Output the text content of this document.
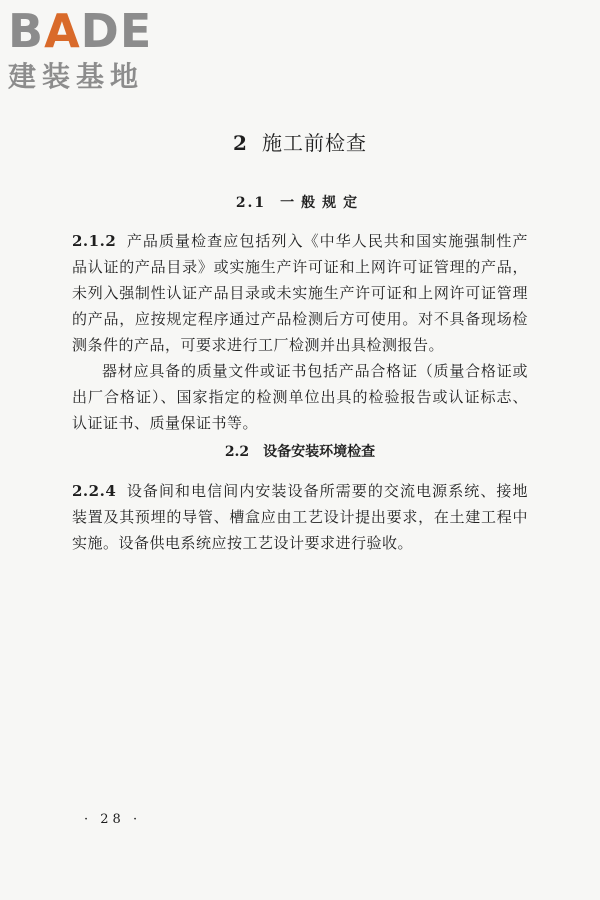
BADE
建装基地
2 施工前检查
2.1 一般规定
2.1.2 产品质量检查应包括列入《中华人民共和国实施强制性产品认证的产品目录》或实施生产许可证和上网许可证管理的产品，未列入强制性认证产品目录或未实施生产许可证和上网许可证管理的产品，应按规定程序通过产品检测后方可使用。对不具备现场检测条件的产品，可要求进行工厂检测并出具检测报告。
器材应具备的质量文件或证书包括产品合格证（质量合格证或出厂合格证）、国家指定的检测单位出具的检验报告或认证标志、认证证书、质量保证书等。
2.2 设备安装环境检查
2.2.4 设备间和电信间内安装设备所需要的交流电源系统、接地装置及其预埋的导管、槽盒应由工艺设计提出要求，在土建工程中实施。设备供电系统应按工艺设计要求进行验收。
· 28 ·
